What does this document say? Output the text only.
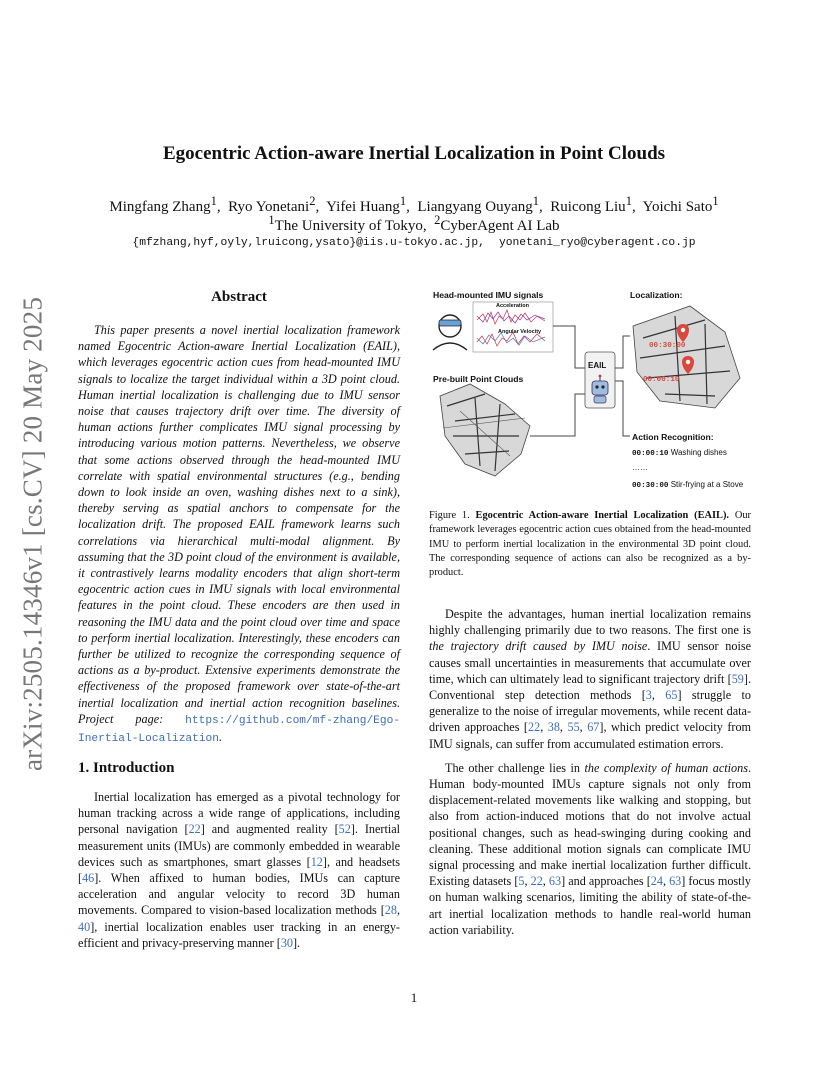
arXiv:2505.14346v1 [cs.CV] 20 May 2025
Egocentric Action-aware Inertial Localization in Point Clouds
Mingfang Zhang$^1$,  Ryo Yonetani$^2$,  Yifei Huang$^1$,  Liangyang Ouyang$^1$,  Ruicong Liu$^1$,  Yoichi Sato$^1$
$^1$The University of Tokyo,  $^2$CyberAgent AI Lab
{mfzhang,hyf,oyly,lruicong,ysato}@iis.u-tokyo.ac.jp, yonetani_ryo@cyberagent.co.jp
Abstract

This paper presents a novel inertial localization framework named Egocentric Action-aware Inertial Localization (EAIL), which leverages egocentric action cues from head-mounted IMU signals to localize the target individual within a 3D point cloud. Human inertial localization is challenging due to IMU sensor noise that causes trajectory drift over time. The diversity of human actions further complicates IMU signal processing by introducing various motion patterns. Nevertheless, we observe that some actions observed through the head-mounted IMU correlate with spatial environmental structures (e.g., bending down to look inside an oven, washing dishes next to a sink), thereby serving as spatial anchors to compensate for the localization drift. The proposed EAIL framework learns such correlations via hierarchical multi-modal alignment. By assuming that the 3D point cloud of the environment is available, it contrastively learns modality encoders that align short-term egocentric action cues in IMU signals with local environmental features in the point cloud. These encoders are then used in reasoning the IMU data and the point cloud over time and space to perform inertial localization. Interestingly, these encoders can further be utilized to recognize the corresponding sequence of actions as a by-product. Extensive experiments demonstrate the effectiveness of the proposed framework over state-of-the-art inertial localization and inertial action recognition baselines. Project page: https://github.com/mf-zhang/Ego-Inertial-Localization.

1. Introduction

Inertial localization has emerged as a pivotal technology for human tracking across a wide range of applications, including personal navigation [22] and augmented reality [52]. Inertial measurement units (IMUs) are commonly embedded in wearable devices such as smartphones, smart glasses [12], and headsets [46]. When affixed to human bodies, IMUs can capture acceleration and angular velocity to record 3D human movements. Compared to vision-based localization methods [28, 40], inertial localization enables user tracking in an energy-efficient and privacy-preserving manner [30].

Head-mounted IMU signals	Localization:
Acceleration
Angular Velocity
Pre-built Point Clouds
EAIL
00:30:00
00:00:10
Action Recognition:
00:00:10 Washing dishes
……
00:30:00 Stir-frying at a Stove
Figure 1. Egocentric Action-aware Inertial Localization (EAIL). Our framework leverages egocentric action cues obtained from the head-mounted IMU to perform inertial localization in the environmental 3D point cloud. The corresponding sequence of actions can also be recognized as a by-product.

Despite the advantages, human inertial localization remains highly challenging primarily due to two reasons. The first one is the trajectory drift caused by IMU noise. IMU sensor noise causes small uncertainties in measurements that accumulate over time, which can ultimately lead to significant trajectory drift [59]. Conventional step detection methods [3, 65] struggle to generalize to the noise of irregular movements, while recent data-driven approaches [22, 38, 55, 67], which predict velocity from IMU signals, can suffer from accumulated estimation errors.

The other challenge lies in the complexity of human actions. Human body-mounted IMUs capture signals not only from displacement-related movements like walking and stopping, but also from action-induced motions that do not involve actual positional changes, such as head-swinging during cooking and cleaning. These additional motion signals can complicate IMU signal processing and make inertial localization further difficult. Existing datasets [5, 22, 63] and approaches [24, 63] focus mostly on human walking scenarios, limiting the ability of state-of-the-art inertial localization methods to handle real-world human action variability.

1
